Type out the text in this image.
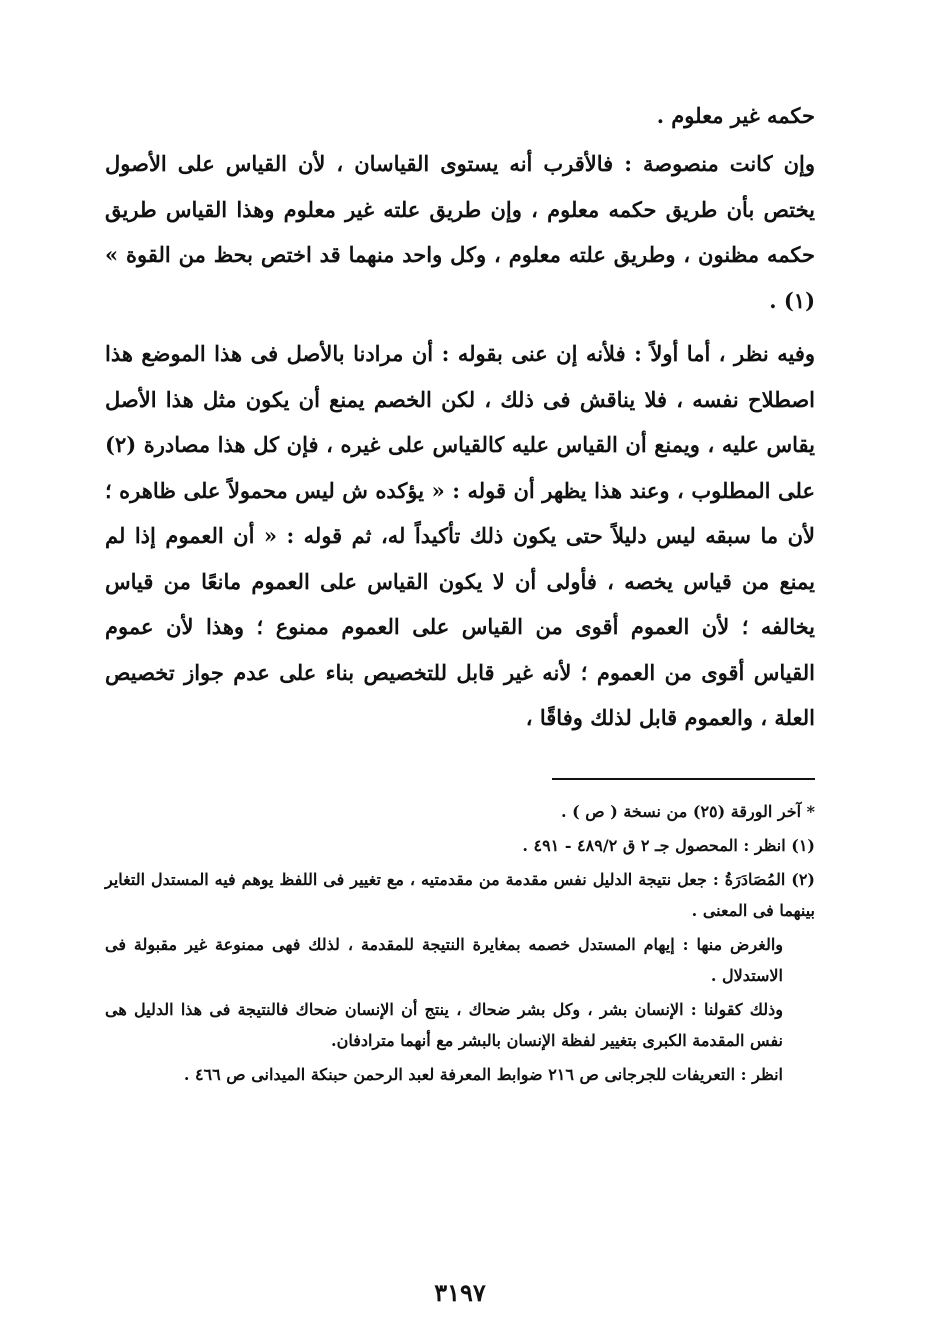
حكمه غير معلوم .

وإن كانت منصوصة : فالأقرب أنه يستوى القياسان ، لأن القياس على الأصول يختص بأن طريق حكمه معلوم ، وإن طريق علته غير معلوم وهذا القياس طريق حكمه مظنون ، وطريق علته معلوم ، وكل واحد منهما قد اختص بحظ من القوة » (١) .

وفيه نظر ، أما أولاً : فلأنه إن عنى بقوله : أن مرادنا بالأصل فى هذا الموضع هذا اصطلاح نفسه ، فلا يناقش فى ذلك ، لكن الخصم يمنع أن يكون مثل هذا الأصل يقاس عليه ، ويمنع أن القياس عليه كالقياس على غيره ، فإن كل هذا مصادرة (٢) على المطلوب ، وعند هذا يظهر أن قوله : « يؤكده ش ليس محمولاً على ظاهره ؛ لأن ما سبقه ليس دليلاً حتى يكون ذلك تأكيداً له، ثم قوله : « أن العموم إذا لم يمنع من قياس يخصه ، فأولى أن لا يكون القياس على العموم مانعًا من قياس يخالفه ؛ لأن العموم أقوى من القياس على العموم ممنوع ؛ وهذا لأن عموم القياس أقوى من العموم ؛ لأنه غير قابل للتخصيص بناء على عدم جواز تخصيص العلة ، والعموم قابل لذلك وفاقًا ،

* آخر الورقة (٢٥) من نسخة ( ص ) .

(١) انظر : المحصول جـ ٢ ق ٤٨٩/٢ - ٤٩١ .

(٢) المُصَادَرَةُ : جعل نتيجة الدليل نفس مقدمة من مقدمتيه ، مع تغيير فى اللفظ يوهم فيه المستدل التغاير بينهما فى المعنى .

والغرض منها : إيهام المستدل خصمه بمغايرة النتيجة للمقدمة ، لذلك فهى ممنوعة غير مقبولة فى الاستدلال .

وذلك كقولنا : الإنسان بشر ، وكل بشر ضحاك ، ينتج أن الإنسان ضحاك فالنتيجة فى هذا الدليل هى نفس المقدمة الكبرى بتغيير لفظة الإنسان بالبشر مع أنهما مترادفان.

انظر : التعريفات للجرجانى ص ٢١٦ ضوابط المعرفة لعبد الرحمن حبنكة الميدانى ص ٤٦٦ .

٣١٩٧
